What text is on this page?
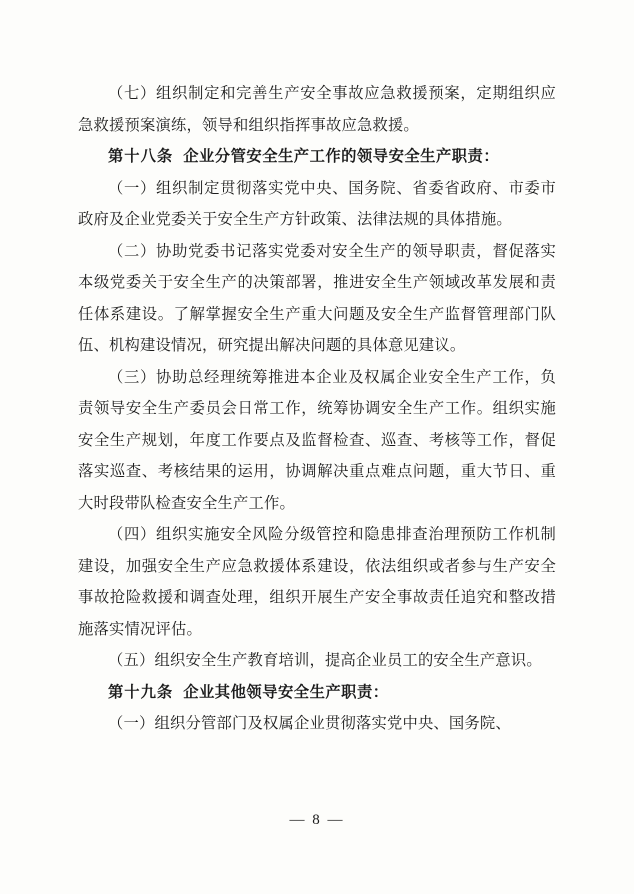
（七）组织制定和完善生产安全事故应急救援预案，定期组织应急救援预案演练，领导和组织指挥事故应急救援。

第十八条 企业分管安全生产工作的领导安全生产职责：

（一）组织制定贯彻落实党中央、国务院、省委省政府、市委市政府及企业党委关于安全生产方针政策、法律法规的具体措施。

（二）协助党委书记落实党委对安全生产的领导职责，督促落实本级党委关于安全生产的决策部署，推进安全生产领域改革发展和责任体系建设。了解掌握安全生产重大问题及安全生产监督管理部门队伍、机构建设情况，研究提出解决问题的具体意见建议。

（三）协助总经理统筹推进本企业及权属企业安全生产工作，负责领导安全生产委员会日常工作，统筹协调安全生产工作。组织实施安全生产规划，年度工作要点及监督检查、巡查、考核等工作，督促落实巡查、考核结果的运用，协调解决重点难点问题，重大节日、重大时段带队检查安全生产工作。

（四）组织实施安全风险分级管控和隐患排查治理预防工作机制建设，加强安全生产应急救援体系建设，依法组织或者参与生产安全事故抢险救援和调查处理，组织开展生产安全事故责任追究和整改措施落实情况评估。

（五）组织安全生产教育培训，提高企业员工的安全生产意识。

第十九条 企业其他领导安全生产职责：

（一）组织分管部门及权属企业贯彻落实党中央、国务院、

— 8 —
